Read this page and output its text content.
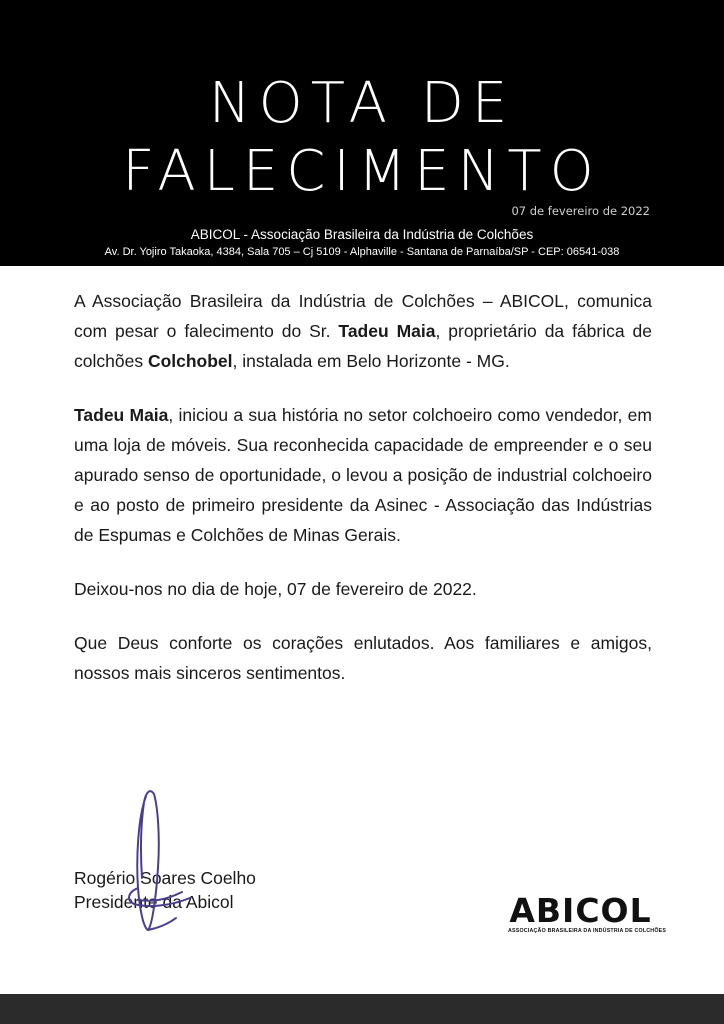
NOTA DE
FALECIMENTO
07 de fevereiro de 2022
ABICOL - Associação Brasileira da Indústria de Colchões
Av. Dr. Yojiro Takaoka, 4384, Sala 705 – Cj 5109 - Alphaville - Santana de Parnaíba/SP - CEP: 06541-038

A Associação Brasileira da Indústria de Colchões – ABICOL, comunica com pesar o falecimento do Sr. Tadeu Maia, proprietário da fábrica de colchões Colchobel, instalada em Belo Horizonte - MG.

Tadeu Maia, iniciou a sua história no setor colchoeiro como vendedor, em uma loja de móveis. Sua reconhecida capacidade de empreender e o seu apurado senso de oportunidade, o levou a posição de industrial colchoeiro e ao posto de primeiro presidente da Asinec - Associação das Indústrias de Espumas e Colchões de Minas Gerais.

Deixou-nos no dia de hoje, 07 de fevereiro de 2022.

Que Deus conforte os corações enlutados. Aos familiares e amigos, nossos mais sinceros sentimentos.

Rogério Soares Coelho
Presidente da Abicol	ABICOL
ASSOCIAÇÃO BRASILEIRA DA INDÚSTRIA DE COLCHÕES
